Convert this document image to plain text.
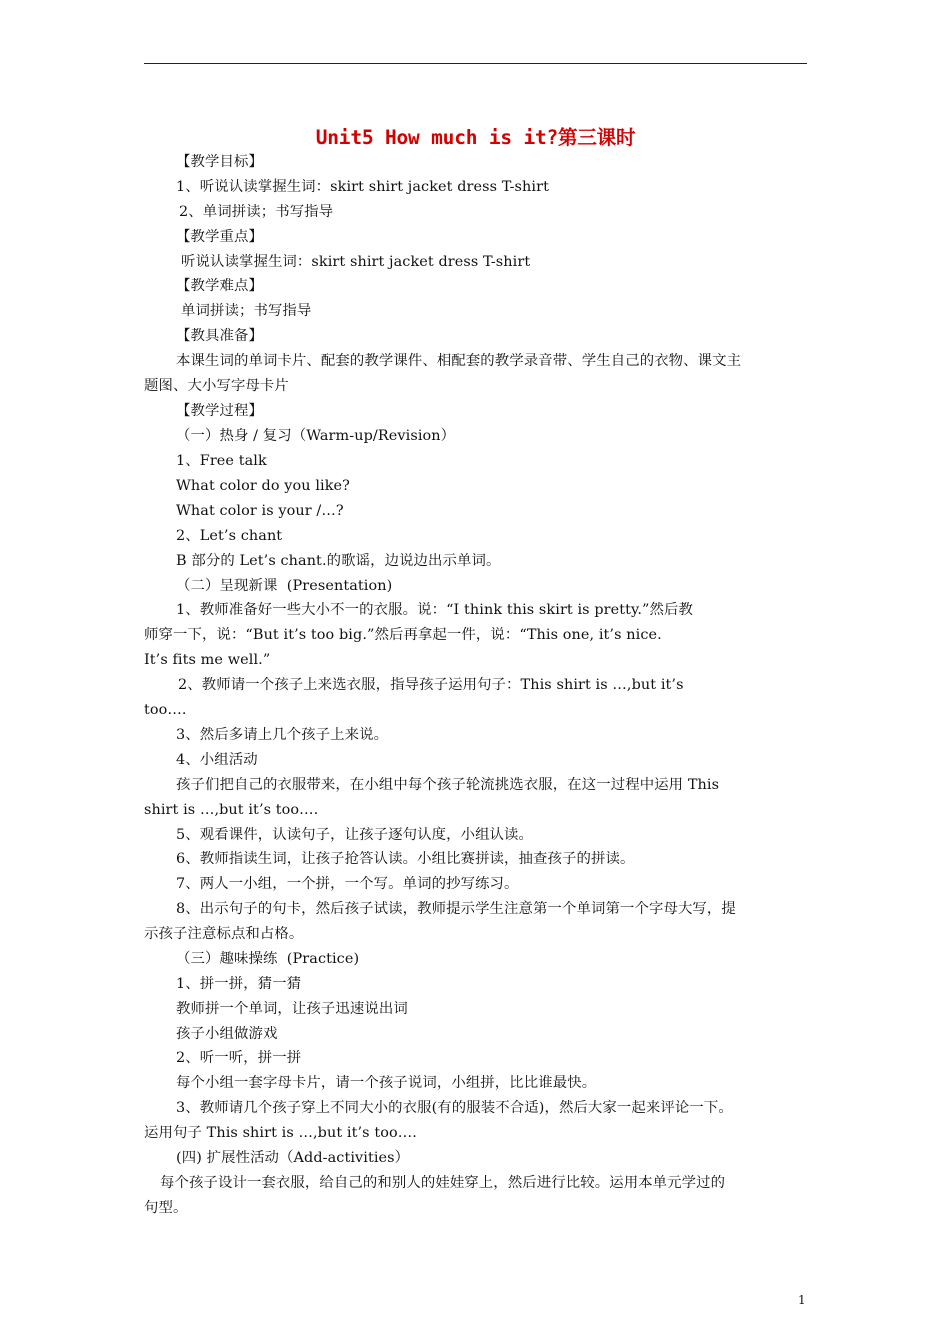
Unit5 How much is it?第三课时
【教学目标】
1、听说认读掌握生词：skirt shirt jacket dress T-shirt
2、单词拼读；书写指导
【教学重点】
听说认读掌握生词：skirt shirt jacket dress T-shirt
【教学难点】
单词拼读；书写指导
【教具准备】
本课生词的单词卡片、配套的教学课件、相配套的教学录音带、学生自己的衣物、课文主
题图、大小写字母卡片
【教学过程】
（一）热身 / 复习（Warm-up/Revision）
1、Free talk
What color do you like?
What color is your /…?
2、Let’s chant
B 部分的 Let’s chant.的歌谣，边说边出示单词。
（二）呈现新课  (Presentation)
1、教师准备好一些大小不一的衣服。说：“I think this skirt is pretty.”然后教
师穿一下，说：“But it’s too big.”然后再拿起一件，说：“This one, it’s nice.
It’s fits me well.”
2、教师请一个孩子上来选衣服，指导孩子运用句子：This shirt is …,but it’s
too….
3、然后多请上几个孩子上来说。
4、小组活动
孩子们把自己的衣服带来，在小组中每个孩子轮流挑选衣服，在这一过程中运用 This
shirt is …,but it’s too….
5、观看课件，认读句子，让孩子逐句认度，小组认读。
6、教师指读生词，让孩子抢答认读。小组比赛拼读，抽查孩子的拼读。
7、两人一小组，一个拼，一个写。单词的抄写练习。
8、出示句子的句卡，然后孩子试读，教师提示学生注意第一个单词第一个字母大写，提
示孩子注意标点和占格。
（三）趣味操练  (Practice)
1、拼一拼，猜一猜
教师拼一个单词，让孩子迅速说出词
孩子小组做游戏
2、听一听，拼一拼
每个小组一套字母卡片，请一个孩子说词，小组拼，比比谁最快。
3、教师请几个孩子穿上不同大小的衣服(有的服装不合适)，然后大家一起来评论一下。
运用句子 This shirt is …,but it’s too….
(四) 扩展性活动（Add-activities）
每个孩子设计一套衣服，给自己的和别人的娃娃穿上，然后进行比较。运用本单元学过的
句型。
1
